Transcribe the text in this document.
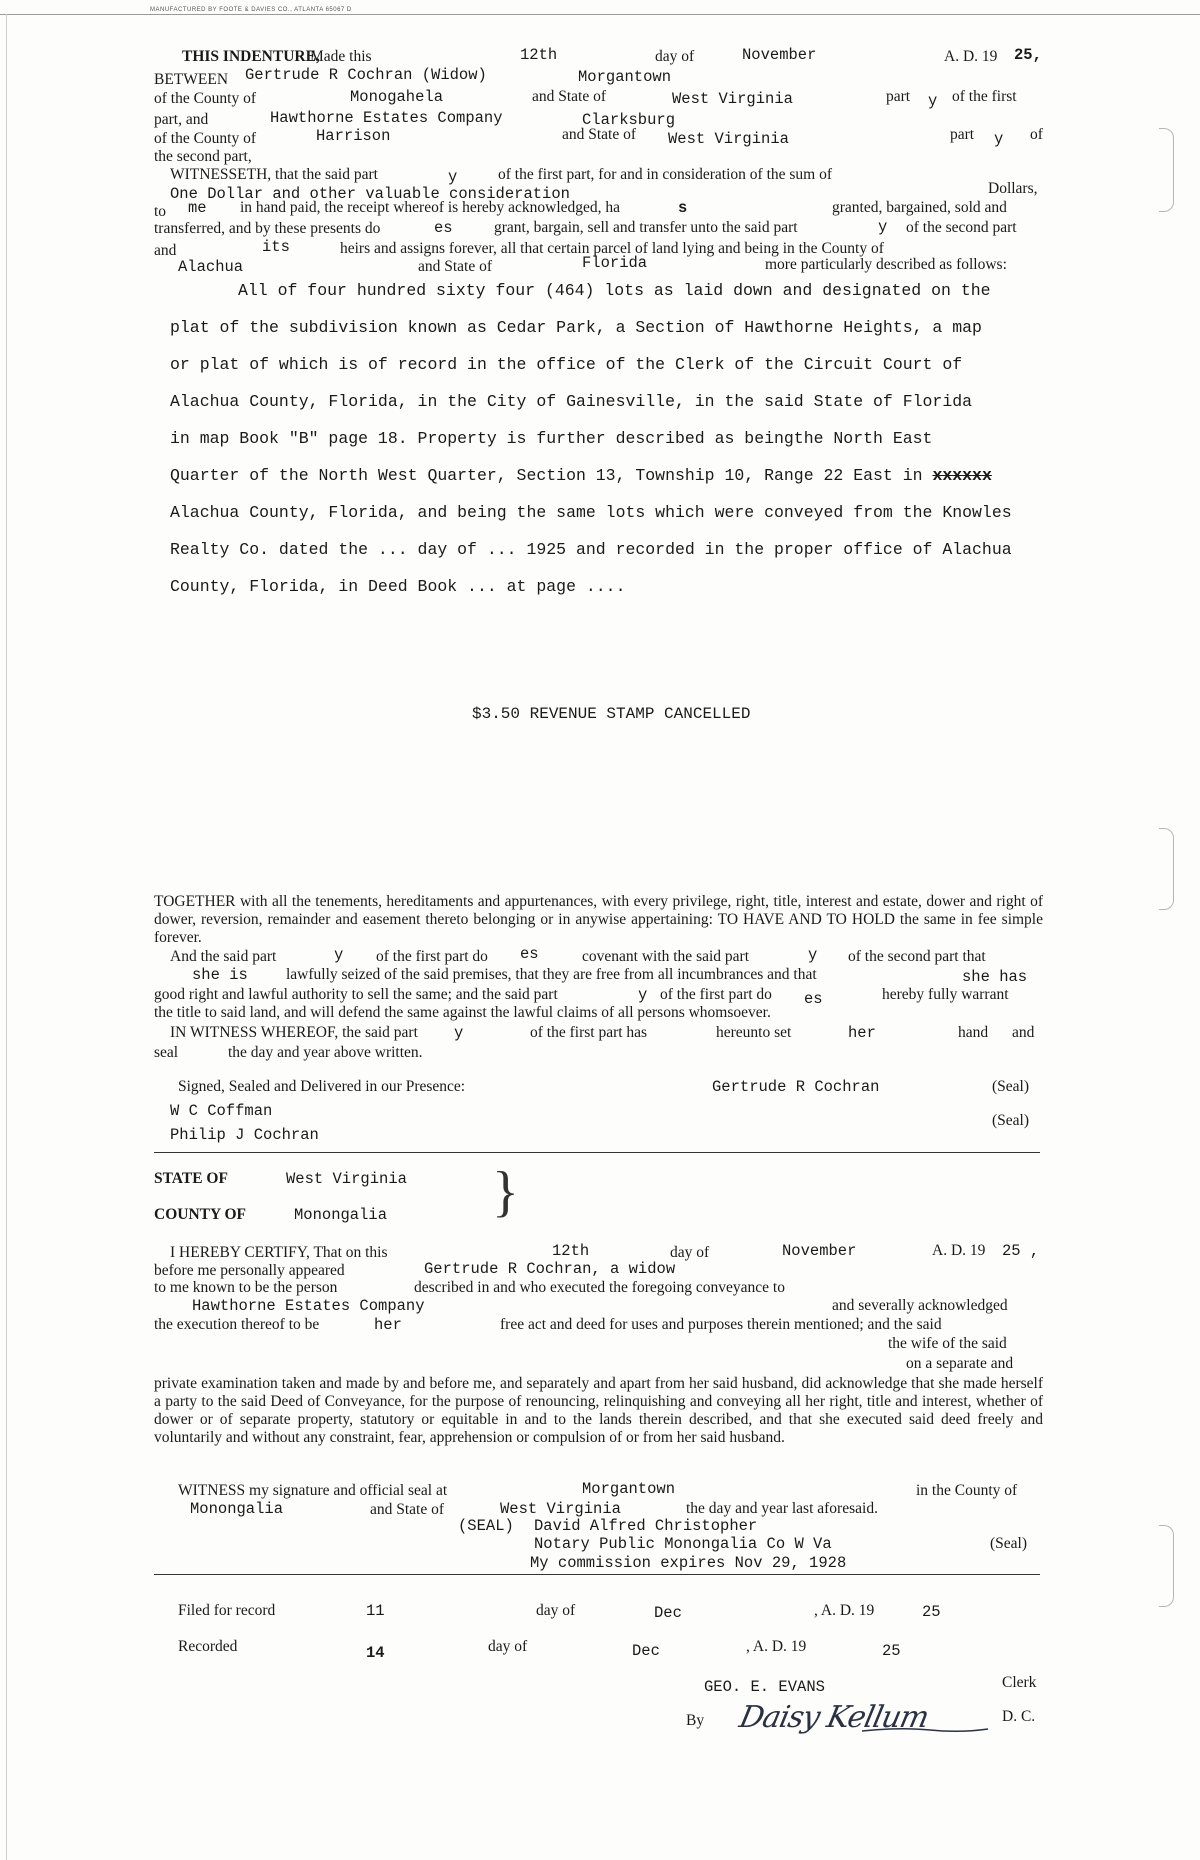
MANUFACTURED BY FOOTE & DAVIES CO., ATLANTA 65067 D
THIS INDENTURE,
Made this	12th	day of	November	A. D. 19 25,
BETWEEN Gertrude R Cochran (Widow)	Morgantown
of the County of	Monogahela	and State of	West Virginia	part y of the first
part, and	Hawthorne Estates Company	Clarksburg
of the County of	Harrison	and State of West Virginia	part y of
the second part,
WITNESSETH, that the said part	y	of the first part, for and in consideration of the sum of
One Dollar and other valuable consideration	Dollars,
to me in hand paid, the receipt whereof is hereby acknowledged, ha	s	granted, bargained, sold and
transferred, and by these presents do	es	grant, bargain, sell and transfer unto the said part	y of the second part
and	its	heirs and assigns forever, all that certain parcel of land lying and being in the County of
Alachua	and State of	Florida	more particularly described as follows:
All of four hundred sixty four (464) lots as laid down and designated on the
plat of the subdivision known as Cedar Park, a Section of Hawthorne Heights, a map
or plat of which is of record in the office of the Clerk of the Circuit Court of
Alachua County, Florida, in the City of Gainesville, in the said State of Florida
in map Book "B" page 18. Property is further described as beingthe North East
Quarter of the North West Quarter, Section 13, Township 10, Range 22 East in xxxxxx
Alachua County, Florida, and being the same lots which were conveyed from the Knowles
Realty Co. dated the ... day of ... 1925 and recorded in the proper office of Alachua
County, Florida, in Deed Book ... at page ....
$3.50 REVENUE STAMP CANCELLED
TOGETHER with all the tenements, hereditaments and appurtenances, with every privilege, right, title, interest and estate, dower and right of dower, reversion, remainder and easement thereto belonging or in anywise appertaining: TO HAVE AND TO HOLD the same in fee simple forever.
And the said part	y of the first part do es	covenant with the said part	y of the second part that
she is lawfully seized of the said premises, that they are free from all incumbrances and that	she has
good right and lawful authority to sell the same; and the said part	y of the first part do es	hereby fully warrant
the title to said land, and will defend the same against the lawful claims of all persons whomsoever.
IN WITNESS WHEREOF, the said part y	of the first part has	hereunto set	her	hand and
seal	the day and year above written.
Signed, Sealed and Delivered in our Presence:	Gertrude R Cochran	(Seal)
W C Coffman
(Seal)
Philip J Cochran
STATE OF	West Virginia
COUNTY OF	Monongalia }
I HEREBY CERTIFY, That on this	12th	day of	November	A. D. 19 25 ,
before me personally appeared	Gertrude R Cochran, a widow
to me known to be the person	described in and who executed the foregoing conveyance to
Hawthorne Estates Company	and severally acknowledged
the execution thereof to be	her	free act and deed for uses and purposes therein mentioned; and the said
the wife of the said
on a separate and
private examination taken and made by and before me, and separately and apart from her said husband, did acknowledge that she made herself a party to the said Deed of Conveyance, for the purpose of renouncing, relinquishing and conveying all her right, title and interest, whether of dower or of separate property, statutory or equitable in and to the lands therein described, and that she executed said deed freely and voluntarily and without any constraint, fear, apprehension or compulsion of or from her said husband.
WITNESS my signature and official seal at	Morgantown	in the County of
Monongalia	and State of	West Virginia	the day and year last aforesaid.
(SEAL) David Alfred Christopher
Notary Public Monongalia Co W Va	(Seal)
My commission expires Nov 29, 1928
Filed for record	11	day of	Dec	, A. D. 19	25
Recorded	14	day of	Dec	, A. D. 19	25
GEO. E. EVANS	Clerk
By Daisy Kellum	D. C.
